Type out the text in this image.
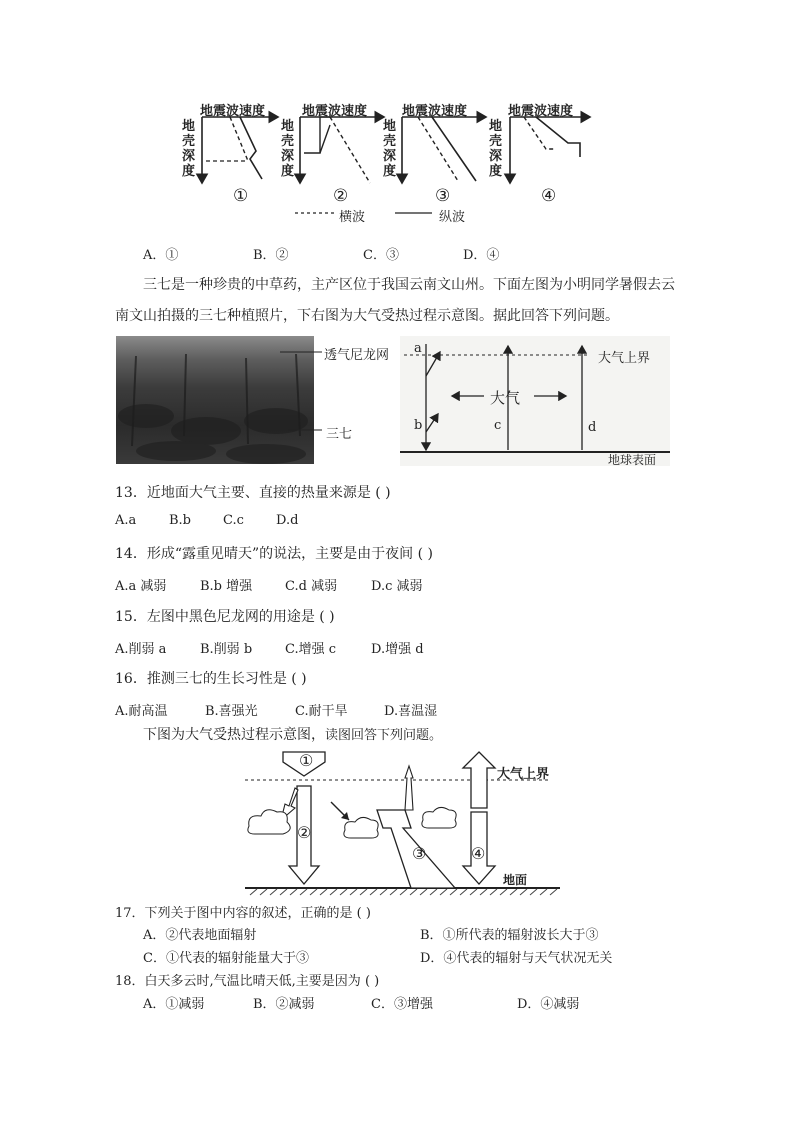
地震波速度	地震波速度	地震波速度	地震波速度
地
壳
深
度
地
壳
深
度
地
壳
深
度
地
壳
深
度
①	②	③	④
横波	纵波
A．①	B．②	C．③	D．④
三七是一种珍贵的中草药，主产区位于我国云南文山州。下面左图为小明同学暑假去云
南文山拍摄的三七种植照片，下右图为大气受热过程示意图。据此回答下列问题。
透气尼龙网
三七
a
b	c	d
大气上界
大气
地球表面
13．近地面大气主要、直接的热量来源是 ( )
A.a	B.b C.c D.d
14．形成“露重见晴天”的说法，主要是由于夜间 ( )
A.a 减弱	B.b 增强	C.d 减弱	D.c 减弱
15．左图中黑色尼龙网的用途是 ( )
A.削弱 a	B.削弱 b	C.增强 c	D.增强 d
16．推测三七的生长习性是 ( )
A.耐高温	B.喜强光	C.耐干旱	D.喜温湿
下图为大气受热过程示意图，读图回答下列问题。
①
②
③	④
大气上界
地面
17．下列关于图中内容的叙述，正确的是 ( )
A．②代表地面辐射	B．①所代表的辐射波长大于③
C．①代表的辐射能量大于③	D．④代表的辐射与天气状况无关
18．白天多云时,气温比晴天低,主要是因为 ( )
A．①减弱	B．②减弱	C．③增强	D．④减弱
